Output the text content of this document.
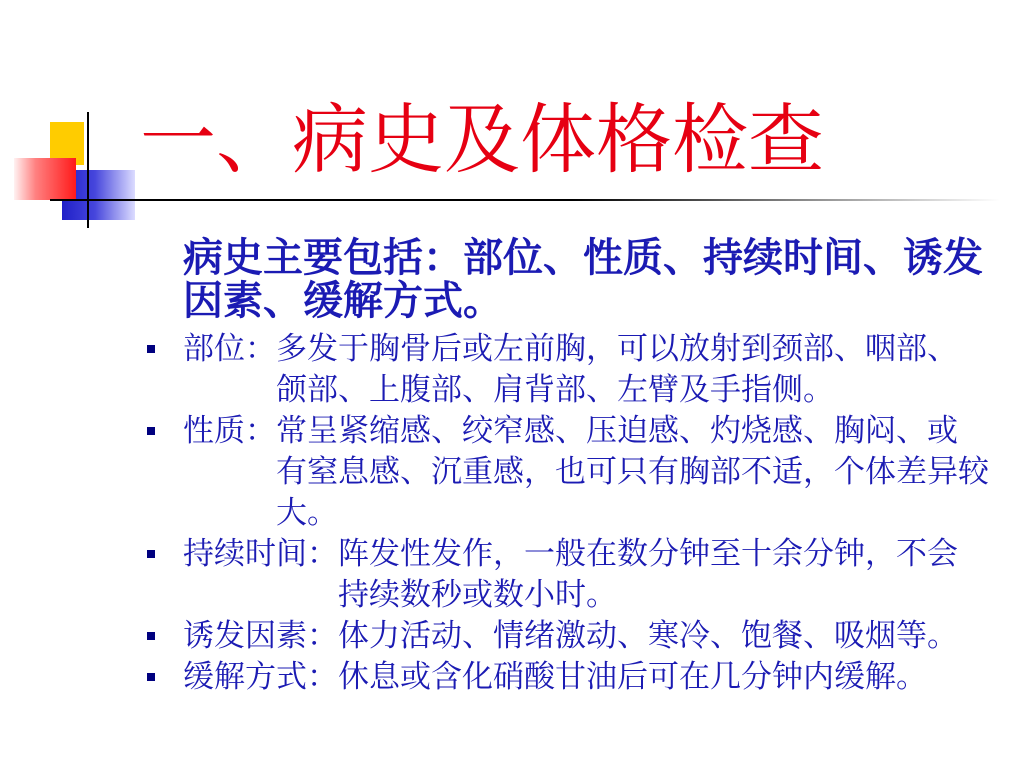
一、病史及体格检查
病史主要包括：部位、性质、持续时间、诱发
因素、缓解方式。
部位： 多发于胸骨后或左前胸，可以放射到颈部、咽部、
颌部、上腹部、肩背部、左臂及手指侧。
性质： 常呈紧缩感、绞窄感、压迫感、灼烧感、胸闷、或
有窒息感、沉重感，也可只有胸部不适，个体差异较
大。
持续时间： 阵发性发作，一般在数分钟至十余分钟，不会
持续数秒或数小时。
诱发因素： 体力活动、情绪激动、寒冷、饱餐、吸烟等。
缓解方式： 休息或含化硝酸甘油后可在几分钟内缓解。
